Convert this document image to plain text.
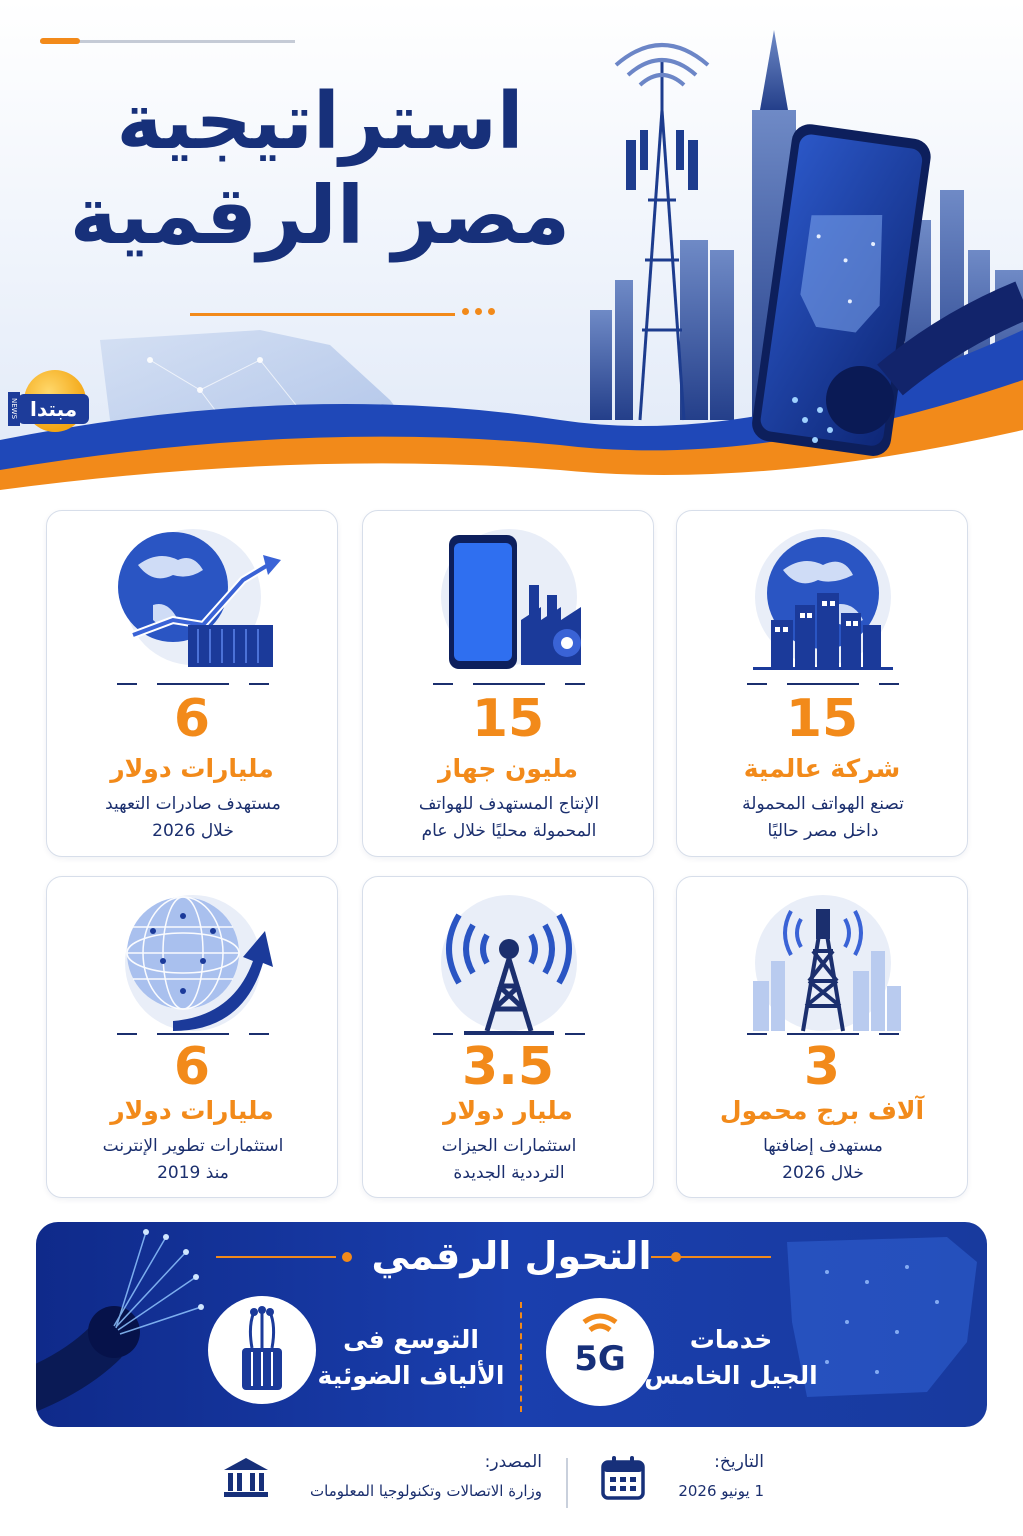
استراتيجية
مصر الرقمية
مبتدا
NEWS
15
شركة عالمية
تصنع الهواتف المحمولة
داخل مصر حاليًا
15
مليون جهاز
الإنتاج المستهدف للهواتف
المحمولة محليًا خلال عام
6
مليارات دولار
مستهدف صادرات التعهيد
خلال 2026
3
آلاف برج محمول
مستهدف إضافتها
خلال 2026
3.5
مليار دولار
استثمارات الحيزات
الترددية الجديدة
6
مليارات دولار
استثمارات تطوير الإنترنت
منذ 2019
التحول الرقمي
5G	خدمات
الجيل الخامس
التوسع فى
الألياف الضوئية
التاريخ:
1 يونيو 2026
المصدر:
وزارة الاتصالات وتكنولوجيا المعلومات
